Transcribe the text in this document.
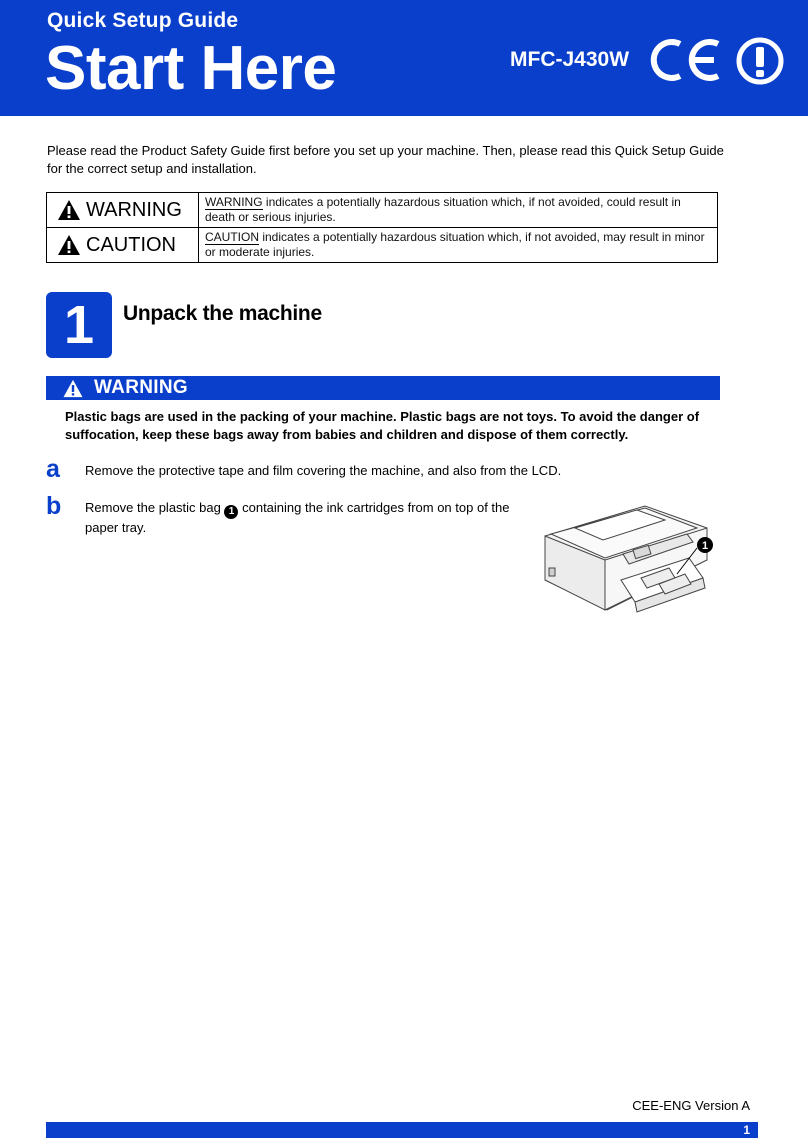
Quick Setup Guide
Start Here	MFC-J430W
Please read the Product Safety Guide first before you set up your machine. Then, please read this Quick Setup Guide for the correct setup and installation.
WARNING	WARNING indicates a potentially hazardous situation which, if not avoided, could result in death or serious injuries.

CAUTION	CAUTION indicates a potentially hazardous situation which, if not avoided, may result in minor or moderate injuries.
1	Unpack the machine
WARNING
Plastic bags are used in the packing of your machine. Plastic bags are not toys. To avoid the danger of suffocation, keep these bags away from babies and children and dispose of them correctly.
a Remove the protective tape and film covering the machine, and also from the LCD.
b Remove the plastic bag 1 containing the ink cartridges from on top of the paper tray.
1
CEE-ENG Version A
1
